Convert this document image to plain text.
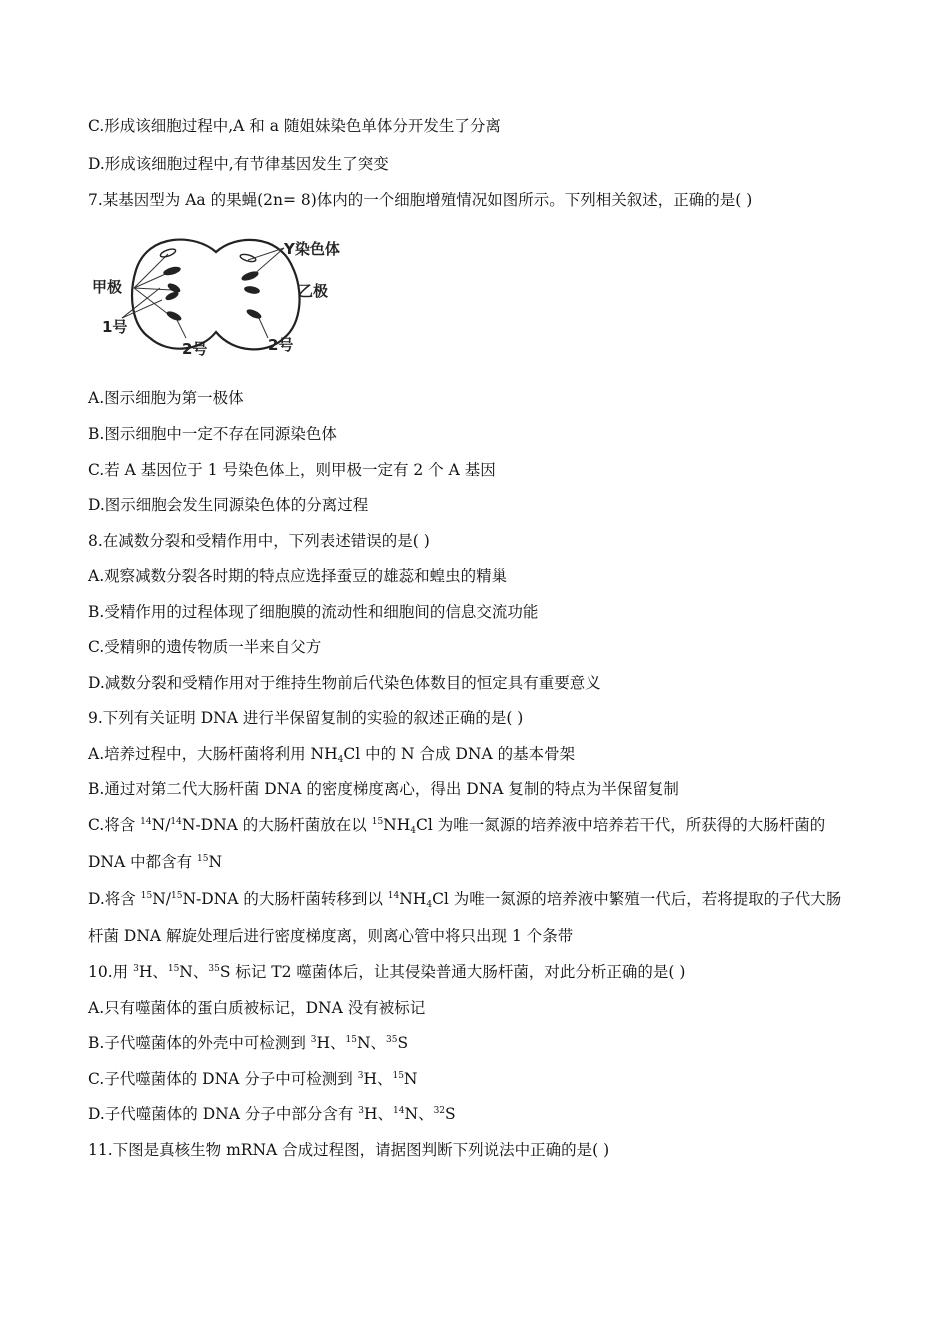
C.形成该细胞过程中,A 和 a 随姐妹染色单体分开发生了分离
D.形成该细胞过程中,有节律基因发生了突变
7.某基因型为 Aa 的果蝇(2n= 8)体内的一个细胞增殖情况如图所示。下列相关叙述，正确的是( )
甲极	乙极
Y染色体
1号
2号	2号
A.图示细胞为第一极体
B.图示细胞中一定不存在同源染色体
C.若 A 基因位于 1 号染色体上，则甲极一定有 2 个 A 基因
D.图示细胞会发生同源染色体的分离过程
8.在减数分裂和受精作用中，下列表述错误的是( )
A.观察减数分裂各时期的特点应选择蚕豆的雄蕊和蝗虫的精巢
B.受精作用的过程体现了细胞膜的流动性和细胞间的信息交流功能
C.受精卵的遗传物质一半来自父方
D.减数分裂和受精作用对于维持生物前后代染色体数目的恒定具有重要意义
9.下列有关证明 DNA 进行半保留复制的实验的叙述正确的是( )
A.培养过程中，大肠杆菌将利用 $NH_4Cl$ 中的 N 合成 DNA 的基本骨架
B.通过对第二代大肠杆菌 DNA 的密度梯度离心，得出 DNA 复制的特点为半保留复制
C.将含 $^{14}$N/$^{14}$N-DNA 的大肠杆菌放在以 $^{15}NH_4Cl$ 为唯一氮源的培养液中培养若干代，所获得的大肠杆菌的
DNA 中都含有 $^{15}$N
D.将含 $^{15}$N/$^{15}$N-DNA 的大肠杆菌转移到以 $^{14}NH_4Cl$ 为唯一氮源的培养液中繁殖一代后，若将提取的子代大肠
杆菌 DNA 解旋处理后进行密度梯度离，则离心管中将只出现 1 个条带
10.用 $^3$H、$^{15}$N、$^{35}$S 标记 T2 噬菌体后，让其侵染普通大肠杆菌，对此分析正确的是( )
A.只有噬菌体的蛋白质被标记，DNA 没有被标记
B.子代噬菌体的外壳中可检测到 $^3$H、$^{15}$N、$^{35}$S
C.子代噬菌体的 DNA 分子中可检测到 $^3$H、$^{15}$N
D.子代噬菌体的 DNA 分子中部分含有 $^3$H、$^{14}$N、$^{32}$S
11.下图是真核生物 mRNA 合成过程图，请据图判断下列说法中正确的是( )
